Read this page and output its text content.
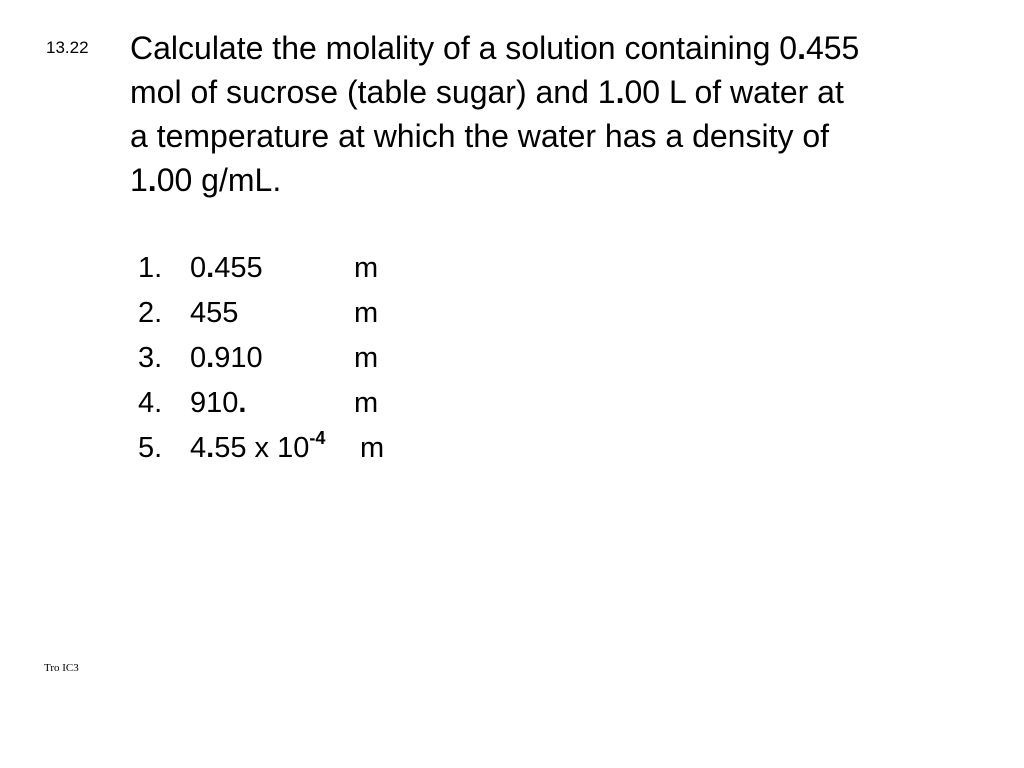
13.22 Calculate the molality of a solution containing 0.455
mol of sucrose (table sugar) and 1.00 L of water at
a temperature at which the water has a density of
1.00 g/mL.

1. 0.455	m
2. 455	m
3. 0.910	m
4. 910.	m
5. 4.55 x $10^{-4}$ m
Tro IC3
